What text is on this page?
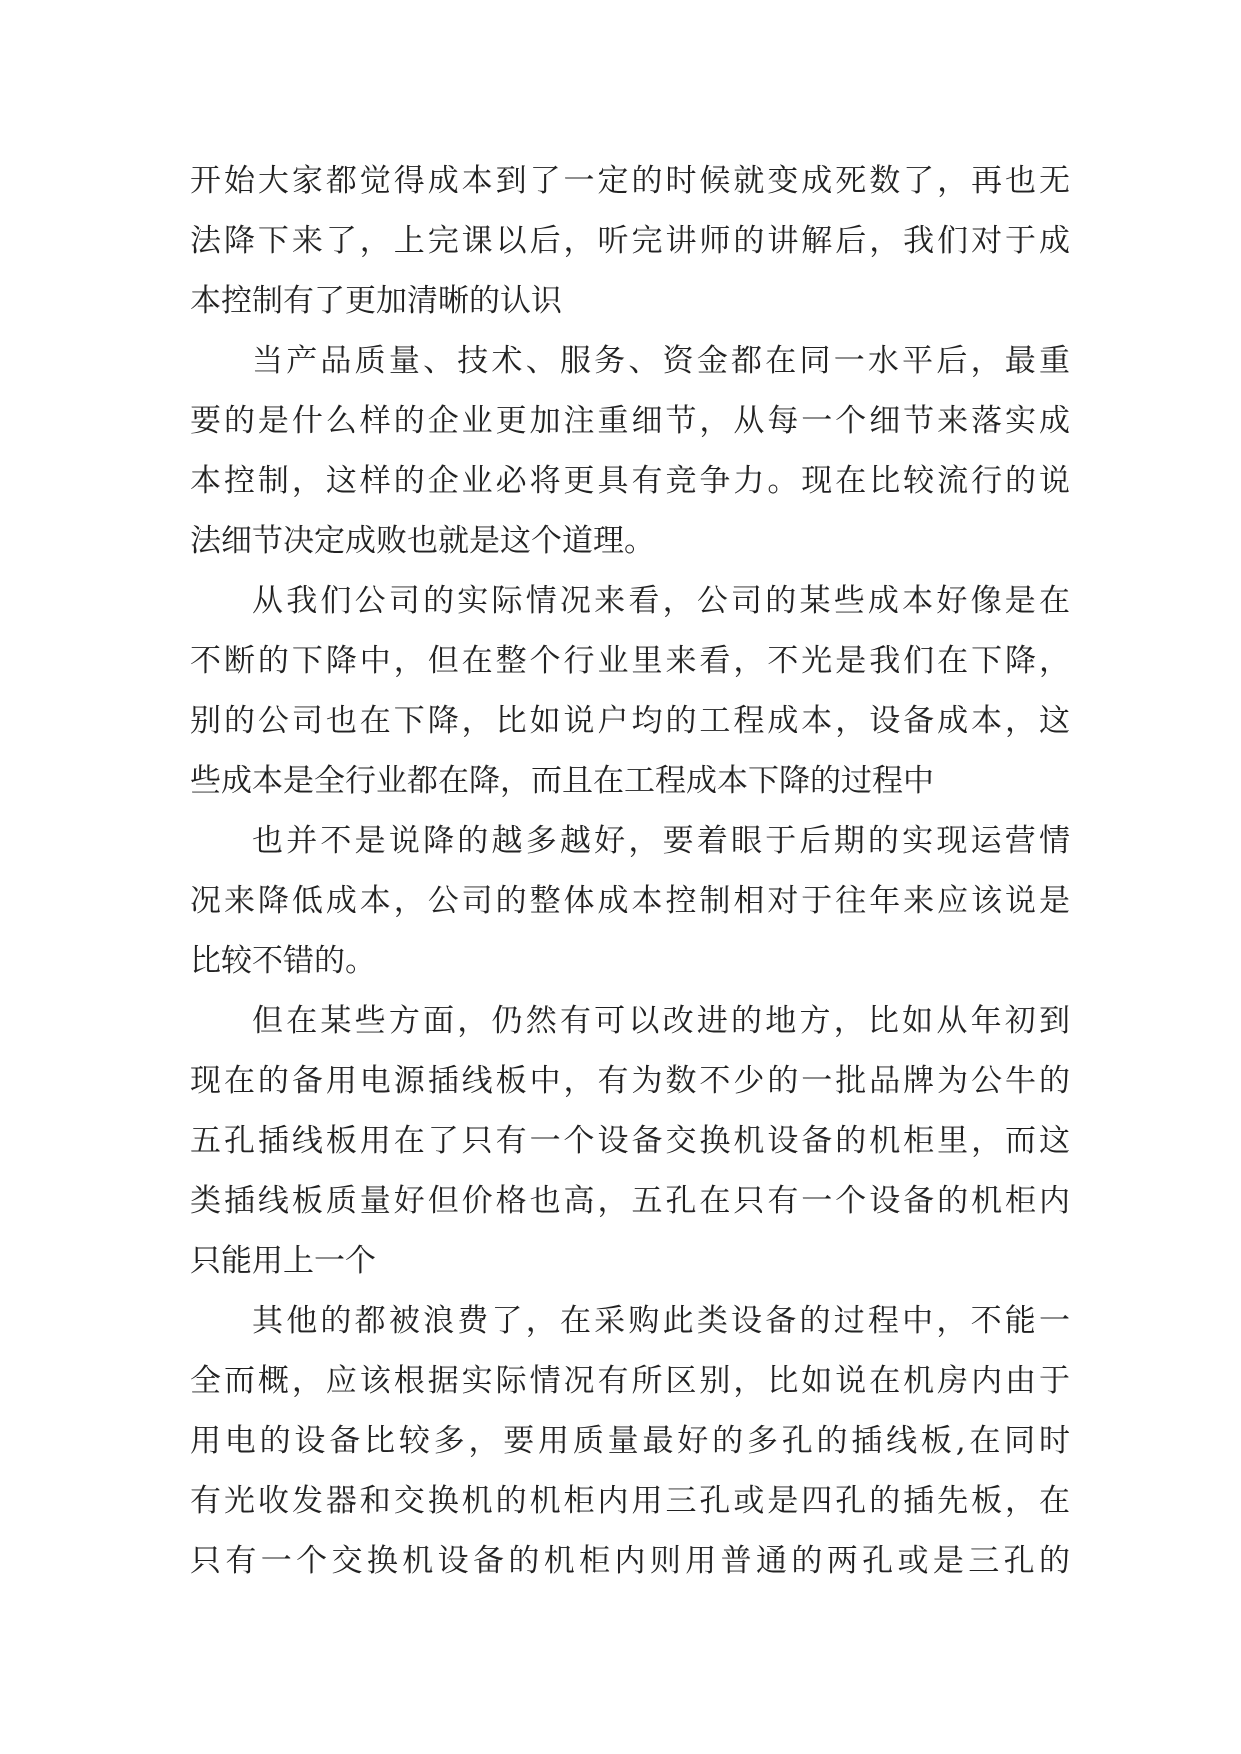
开始大家都觉得成本到了一定的时候就变成死数了，再也无
法降下来了，上完课以后，听完讲师的讲解后，我们对于成
本控制有了更加清晰的认识
当产品质量、技术、服务、资金都在同一水平后，最重
要的是什么样的企业更加注重细节，从每一个细节来落实成
本控制，这样的企业必将更具有竞争力。现在比较流行的说
法细节决定成败也就是这个道理。
从我们公司的实际情况来看，公司的某些成本好像是在
不断的下降中，但在整个行业里来看，不光是我们在下降，
别的公司也在下降，比如说户均的工程成本，设备成本，这
些成本是全行业都在降，而且在工程成本下降的过程中
也并不是说降的越多越好，要着眼于后期的实现运营情
况来降低成本，公司的整体成本控制相对于往年来应该说是
比较不错的。
但在某些方面，仍然有可以改进的地方，比如从年初到
现在的备用电源插线板中，有为数不少的一批品牌为公牛的
五孔插线板用在了只有一个设备交换机设备的机柜里，而这
类插线板质量好但价格也高，五孔在只有一个设备的机柜内
只能用上一个
其他的都被浪费了，在采购此类设备的过程中，不能一
全而概，应该根据实际情况有所区别，比如说在机房内由于
用电的设备比较多，要用质量最好的多孔的插线板,在同时
有光收发器和交换机的机柜内用三孔或是四孔的插先板，在
只有一个交换机设备的机柜内则用普通的两孔或是三孔的
